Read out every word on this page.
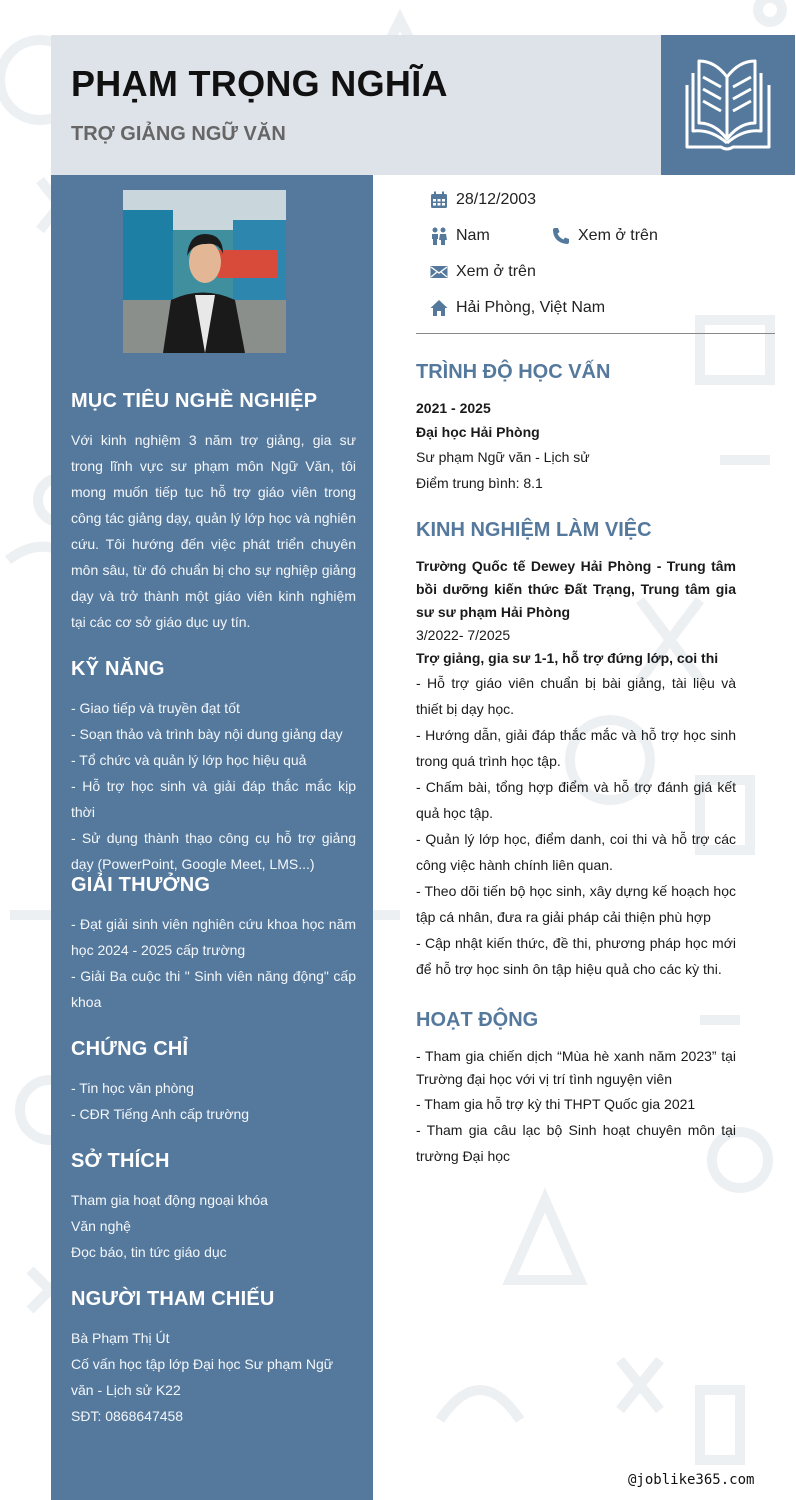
PHẠM TRỌNG NGHĨA
TRỢ GIẢNG NGỮ VĂN
MỤC TIÊU NGHỀ NGHIỆP
Với kinh nghiệm 3 năm trợ giảng, gia sư trong lĩnh vực sư phạm môn Ngữ Văn, tôi mong muốn tiếp tục hỗ trợ giáo viên trong công tác giảng dạy, quản lý lớp học và nghiên cứu. Tôi hướng đến việc phát triển chuyên môn sâu, từ đó chuẩn bị cho sự nghiệp giảng dạy và trở thành một giáo viên kinh nghiệm tại các cơ sở giáo dục uy tín.
KỸ NĂNG
- Giao tiếp và truyền đạt tốt
- Soạn thảo và trình bày nội dung giảng dạy
- Tổ chức và quản lý lớp học hiệu quả
- Hỗ trợ học sinh và giải đáp thắc mắc kịp thời
- Sử dụng thành thạo công cụ hỗ trợ giảng dạy (PowerPoint, Google Meet, LMS...)
GIẢI THƯỞNG
- Đạt giải sinh viên nghiên cứu khoa học năm học 2024 - 2025 cấp trường
- Giải Ba cuộc thi " Sinh viên năng động" cấp khoa
CHỨNG CHỈ
- Tin học văn phòng
- CĐR Tiếng Anh cấp trường
SỞ THÍCH
Tham gia hoạt động ngoại khóa
Văn nghệ
Đọc báo, tin tức giáo dục
NGƯỜI THAM CHIẾU
Bà Phạm Thị Út
Cố vấn học tập lớp Đại học Sư phạm Ngữ văn - Lịch sử K22
SĐT: 0868647458
28/12/2003
Nam	Xem ở trên
Xem ở trên
Hải Phòng, Việt Nam
TRÌNH ĐỘ HỌC VẤN
2021 - 2025
Đại học Hải Phòng
Sư phạm Ngữ văn - Lịch sử
Điểm trung bình: 8.1
KINH NGHIỆM LÀM VIỆC
Trường Quốc tế Dewey Hải Phòng - Trung tâm bồi dưỡng kiến thức Đất Trạng, Trung tâm gia sư sư phạm Hải Phòng
3/2022- 7/2025
Trợ giảng, gia sư 1-1, hỗ trợ đứng lớp, coi thi
- Hỗ trợ giáo viên chuẩn bị bài giảng, tài liệu và thiết bị dạy học.
- Hướng dẫn, giải đáp thắc mắc và hỗ trợ học sinh trong quá trình học tập.
- Chấm bài, tổng hợp điểm và hỗ trợ đánh giá kết quả học tập.
- Quản lý lớp học, điểm danh, coi thi và hỗ trợ các công việc hành chính liên quan.
- Theo dõi tiến bộ học sinh, xây dựng kế hoạch học tập cá nhân, đưa ra giải pháp cải thiện phù hợp
- Cập nhật kiến thức, đề thi, phương pháp học mới để hỗ trợ học sinh ôn tập hiệu quả cho các kỳ thi.
HOẠT ĐỘNG
- Tham gia chiến dịch “Mùa hè xanh năm 2023” tại Trường đại học với vị trí tình nguyện viên
- Tham gia hỗ trợ kỳ thi THPT Quốc gia 2021
- Tham gia câu lạc bộ Sinh hoạt chuyên môn tại trường Đại học
@joblike365.com
